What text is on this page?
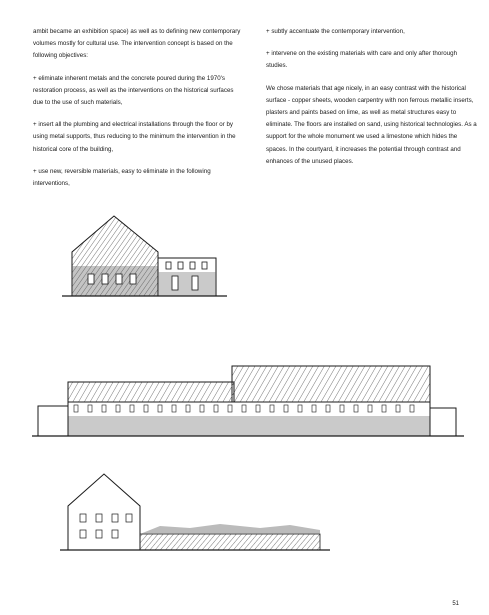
ambit became an exhibition space) as well as to defining new contemporary volumes mostly for cultural use. The intervention concept is based on the following objectives:

+ eliminate inherent metals and the concrete poured during the 1970's restoration process, as well as the interventions on the historical surfaces due to the use of such materials,

+ insert all the plumbing and electrical installations through the floor or by using metal supports, thus reducing to the minimum the intervention in the historical core of the building,

+ use new, reversible materials, easy to eliminate in the following interventions,

+ subtly accentuate the contemporary intervention,

+ intervene on the existing materials with care and only after thorough studies.

We chose materials that age nicely, in an easy contrast with the historical surface - copper sheets, wooden carpentry with non ferrous metallic inserts, plasters and paints based on lime, as well as metal structures easy to eliminate. The floors are installed on sand, using historical technologies. As a support for the whole monument we used a limestone which hides the spaces. In the courtyard, it increases the potential through contrast and enhances of the unused places.

51
